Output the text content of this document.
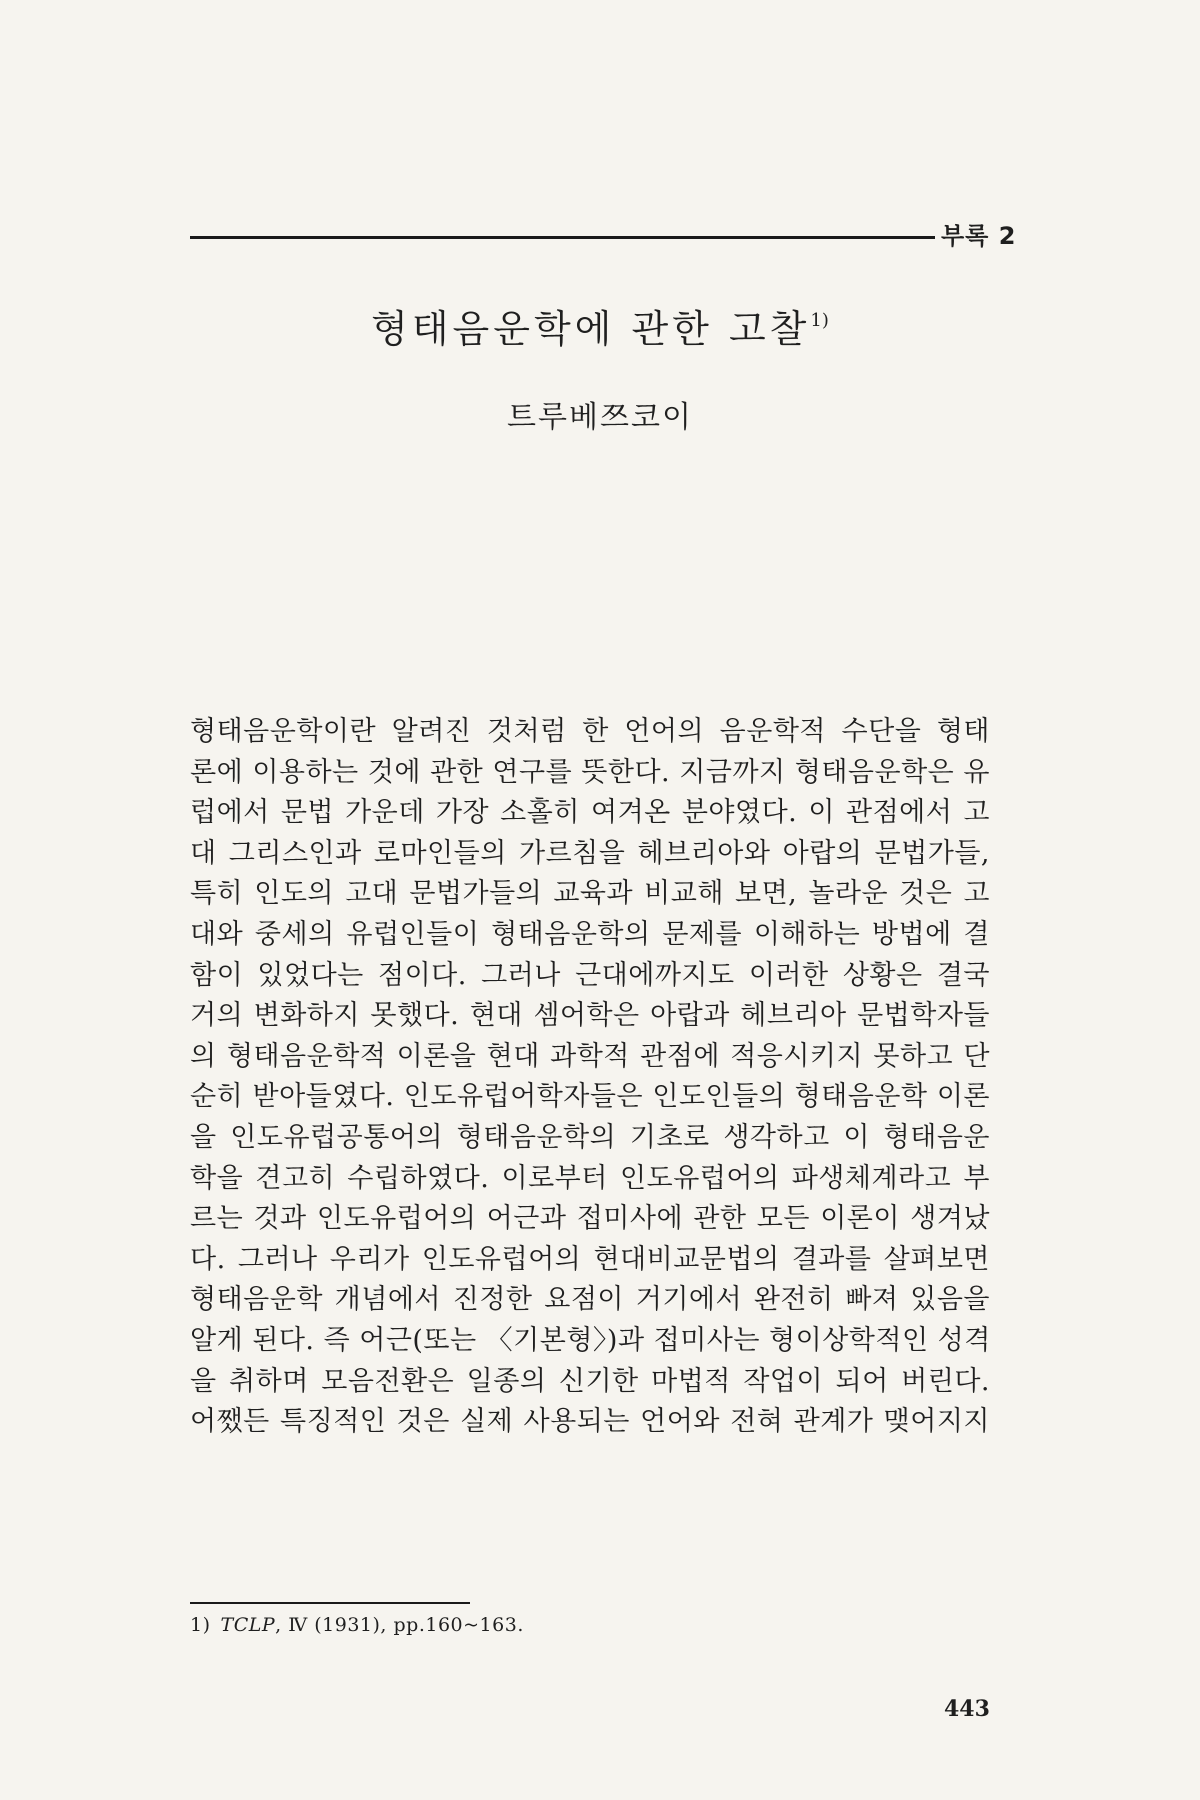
부록 2
형태음운학에 관한 고찰$^{1)}$
트루베쯔코이
형태음운학이란 알려진 것처럼 한 언어의 음운학적 수단을 형태
론에 이용하는 것에 관한 연구를 뜻한다. 지금까지 형태음운학은 유
럽에서 문법 가운데 가장 소홀히 여겨온 분야였다. 이 관점에서 고
대 그리스인과 로마인들의 가르침을 헤브리아와 아랍의 문법가들,
특히 인도의 고대 문법가들의 교육과 비교해 보면, 놀라운 것은 고
대와 중세의 유럽인들이 형태음운학의 문제를 이해하는 방법에 결
함이 있었다는 점이다. 그러나 근대에까지도 이러한 상황은 결국
거의 변화하지 못했다. 현대 셈어학은 아랍과 헤브리아 문법학자들
의 형태음운학적 이론을 현대 과학적 관점에 적응시키지 못하고 단
순히 받아들였다. 인도유럽어학자들은 인도인들의 형태음운학 이론
을 인도유럽공통어의 형태음운학의 기초로 생각하고 이 형태음운
학을 견고히 수립하였다. 이로부터 인도유럽어의 파생체계라고 부
르는 것과 인도유럽어의 어근과 접미사에 관한 모든 이론이 생겨났
다. 그러나 우리가 인도유럽어의 현대비교문법의 결과를 살펴보면
형태음운학 개념에서 진정한 요점이 거기에서 완전히 빠져 있음을
알게 된다. 즉 어근(또는 〈기본형〉)과 접미사는 형이상학적인 성격
을 취하며 모음전환은 일종의 신기한 마법적 작업이 되어 버린다.
어쨌든 특징적인 것은 실제 사용되는 언어와 전혀 관계가 맺어지지
1) TCLP, Ⅳ (1931), pp.160~163.
443
